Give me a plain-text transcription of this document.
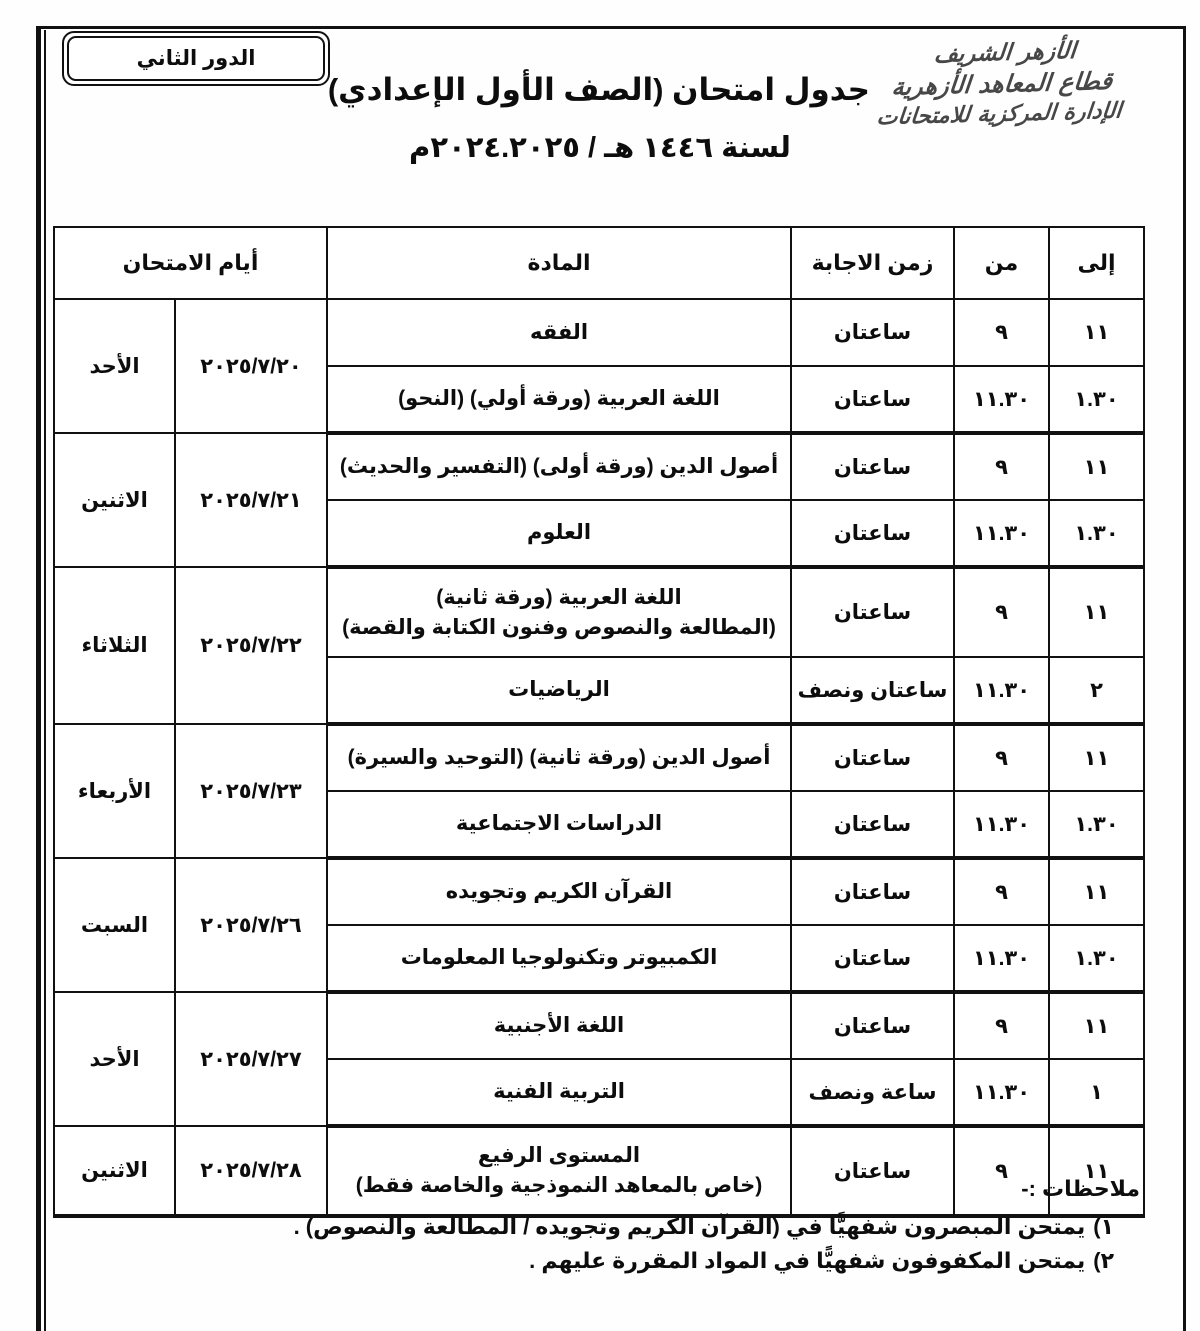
الدور الثاني	الأزهر الشريف
قطاع المعاهد الأزهرية
الإدارة المركزية للامتحانات
جدول امتحان (الصف الأول الإعدادي)
لسنة ١٤٤٦ هـ / ٢٠٢٤.٢٠٢٥م
إلى	من	زمن الاجابة	المادة	أيام الامتحان	
١١	٩	ساعتان	الفقه	٢٠٢٥/٧/٢٠	الأحد
١.٣٠	١١.٣٠	ساعتان	اللغة العربية (ورقة أولي) (النحو)		
١١	٩	ساعتان	أصول الدين (ورقة أولى) (التفسير والحديث)	٢٠٢٥/٧/٢١	الاثنين
١.٣٠	١١.٣٠	ساعتان	العلوم		
١١	٩	ساعتان	اللغة العربية (ورقة ثانية)
(المطالعة والنصوص وفنون الكتابة والقصة)	٢٠٢٥/٧/٢٢	الثلاثاء
٢	١١.٣٠	ساعتان ونصف	الرياضيات		
١١	٩	ساعتان	أصول الدين (ورقة ثانية) (التوحيد والسيرة)	٢٠٢٥/٧/٢٣	الأربعاء
١.٣٠	١١.٣٠	ساعتان	الدراسات الاجتماعية		
١١	٩	ساعتان	القرآن الكريم وتجويده	٢٠٢٥/٧/٢٦	السبت
١.٣٠	١١.٣٠	ساعتان	الكمبيوتر وتكنولوجيا المعلومات		
١١	٩	ساعتان	اللغة الأجنبية	٢٠٢٥/٧/٢٧	الأحد
١	١١.٣٠	ساعة ونصف	التربية الفنية		
١١	٩	ساعتان	المستوى الرفيع
(خاص بالمعاهد النموذجية والخاصة فقط)	٢٠٢٥/٧/٢٨	الاثنين
ملاحظات :-
١)يمتحن المبصرون شفهيًّا في (القرآن الكريم وتجويده / المطالعة والنصوص) .
٢)يمتحن المكفوفون شفهيًّا في المواد المقررة عليهم .
